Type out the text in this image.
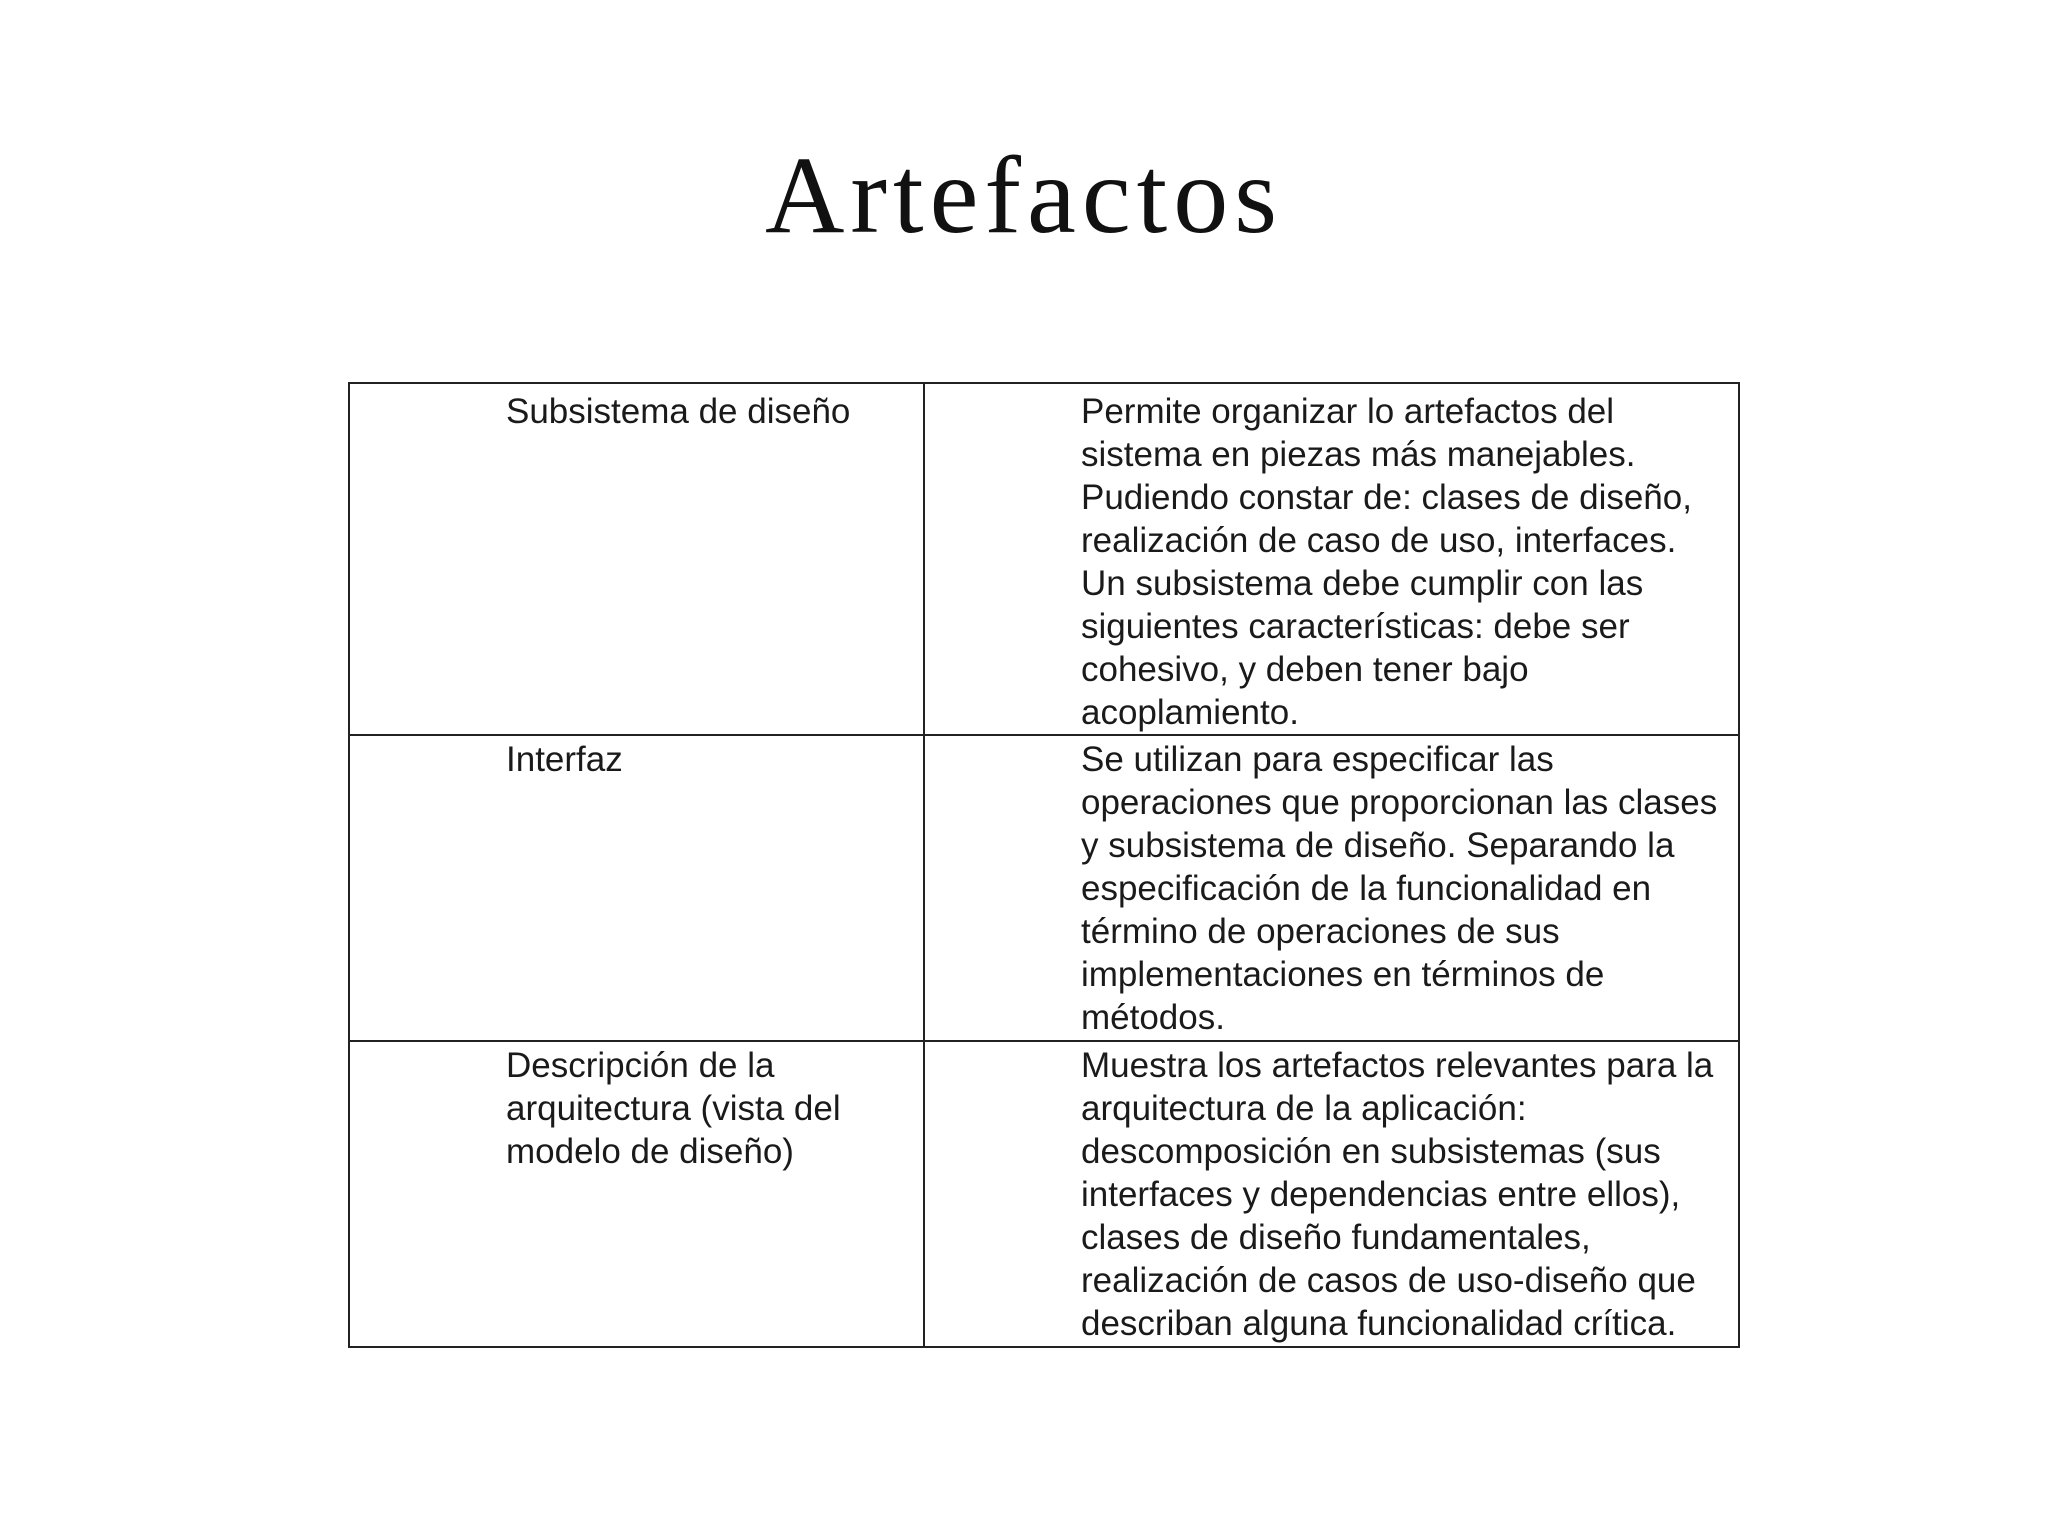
Artefactos
Subsistema de diseño	Permite organizar lo artefactos del sistema en piezas más manejables. Pudiendo constar de: clases de diseño, realización de caso de uso, interfaces. Un subsistema debe cumplir con las siguientes características: debe ser cohesivo, y deben tener bajo acoplamiento.

Interfaz	Se utilizan para especificar las operaciones que proporcionan las clases y subsistema de diseño. Separando la especificación de la funcionalidad en término de operaciones de sus implementaciones en términos de métodos.

Descripción de la arquitectura (vista del modelo de diseño)	Muestra los artefactos relevantes para la arquitectura de la aplicación: descomposición en subsistemas (sus interfaces y dependencias entre ellos), clases de diseño fundamentales, realización de casos de uso-diseño que describan alguna funcionalidad crítica.
